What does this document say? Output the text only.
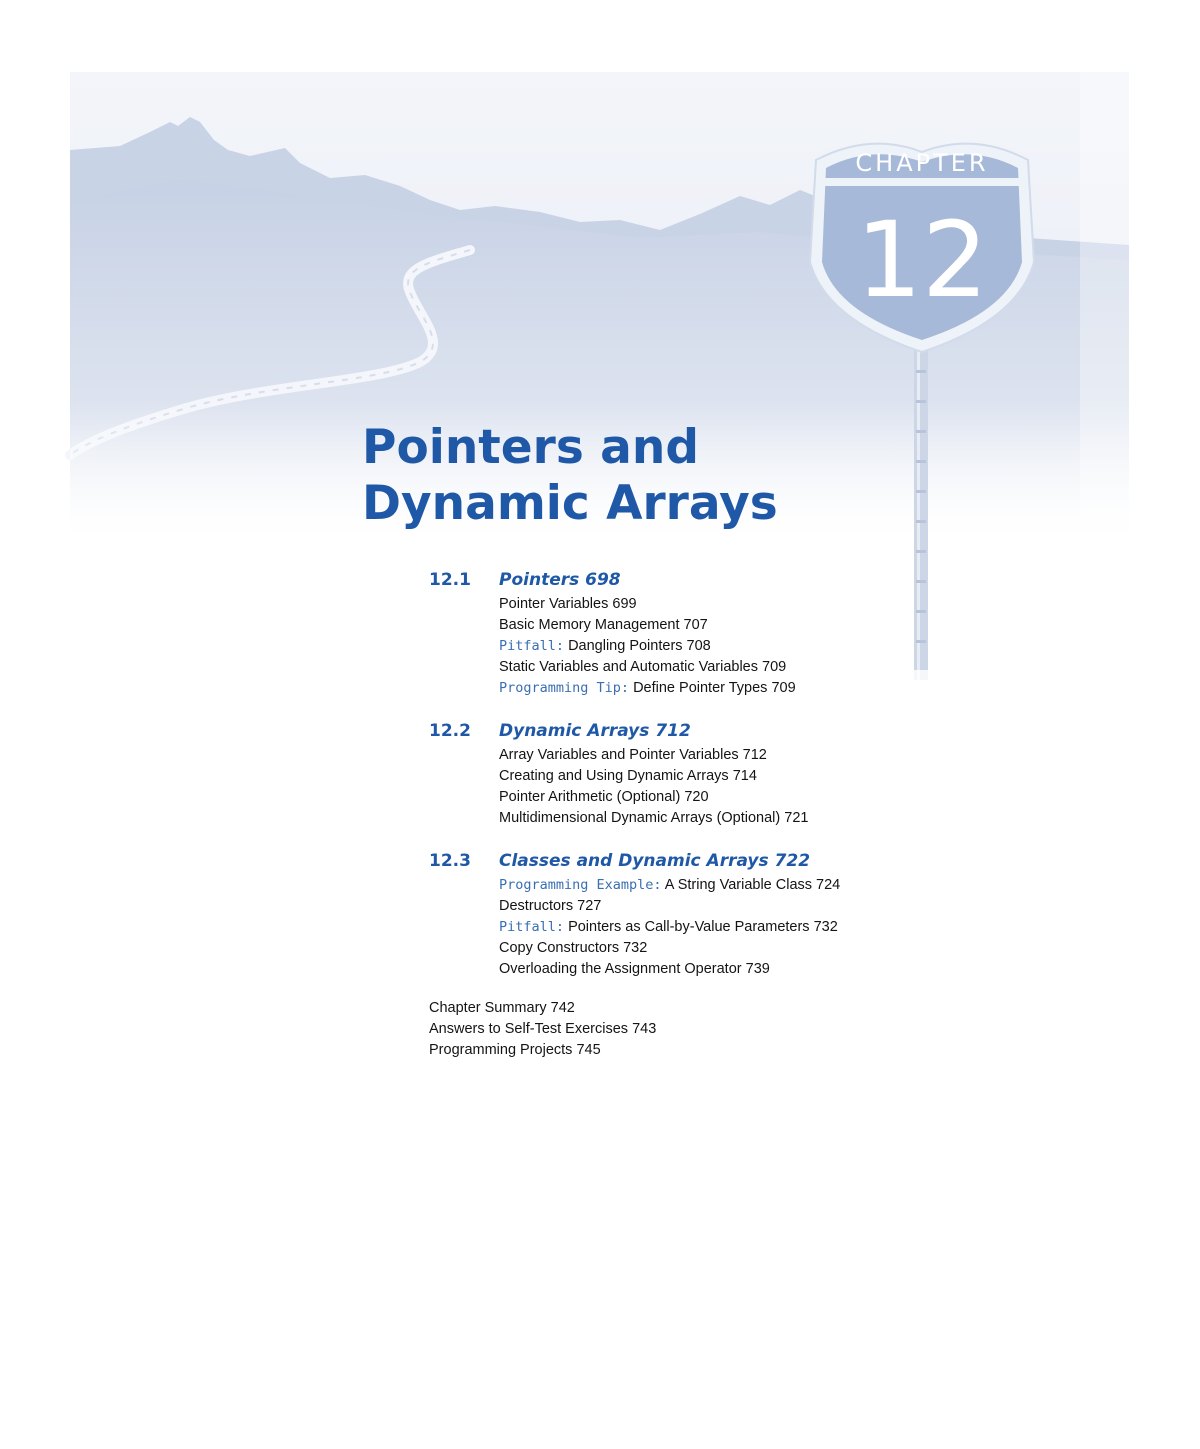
CHAPTER
12
Pointers and
Dynamic Arrays
12.1	Pointers 698
Pointer Variables 699
Basic Memory Management 707
Pitfall: Dangling Pointers 708
Static Variables and Automatic Variables 709
Programming Tip: Define Pointer Types 709
12.2	Dynamic Arrays 712
Array Variables and Pointer Variables 712
Creating and Using Dynamic Arrays 714
Pointer Arithmetic (Optional) 720
Multidimensional Dynamic Arrays (Optional) 721
12.3	Classes and Dynamic Arrays 722
Programming Example: A String Variable Class 724
Destructors 727
Pitfall: Pointers as Call-by-Value Parameters 732
Copy Constructors 732
Overloading the Assignment Operator 739
Chapter Summary 742
Answers to Self-Test Exercises 743
Programming Projects 745
